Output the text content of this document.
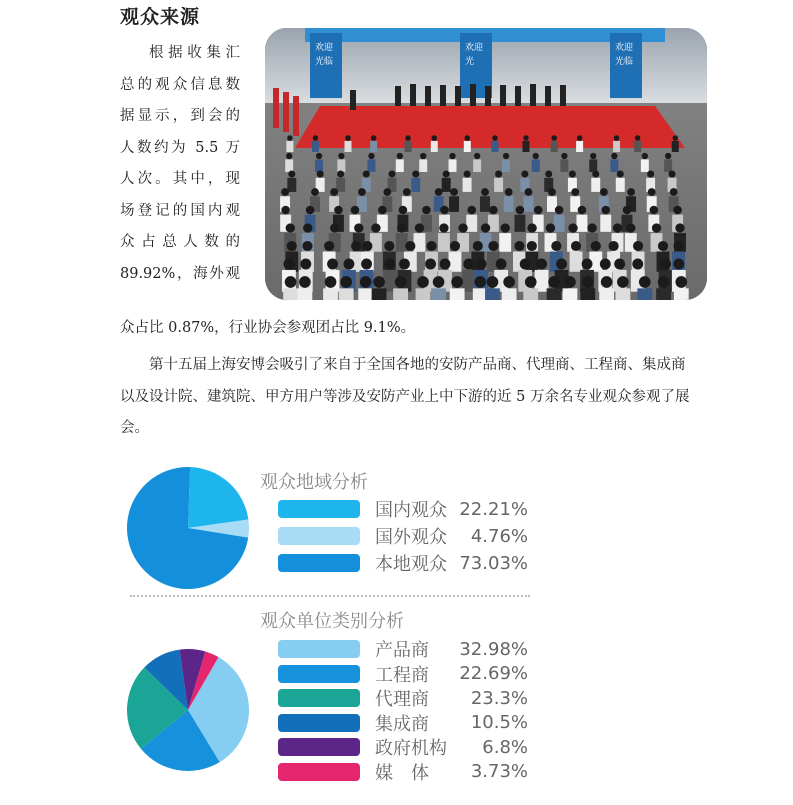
观众来源
根据收集汇
总的观众信息数
据显示，到会的
人数约为 5.5 万
人次。其中，现
场登记的国内观
众占总人数的
89.92%，海外观
欢迎光临
欢迎光
欢迎光临
众占比 0.87%，行业协会参观团占比 9.1%。
第十五届上海安博会吸引了来自于全国各地的安防产品商、代理商、工程商、集成商以及设计院、建筑院、甲方用户等涉及安防产业上中下游的近 5 万余名专业观众参观了展会。
观众地域分析
国内观众 22.21%
国外观众 4.76%
本地观众 73.03%
观众单位类别分析
产品商 32.98%
工程商 22.69%
代理商 23.3%
集成商 10.5%
政府机构 6.8%
媒　体 3.73%
